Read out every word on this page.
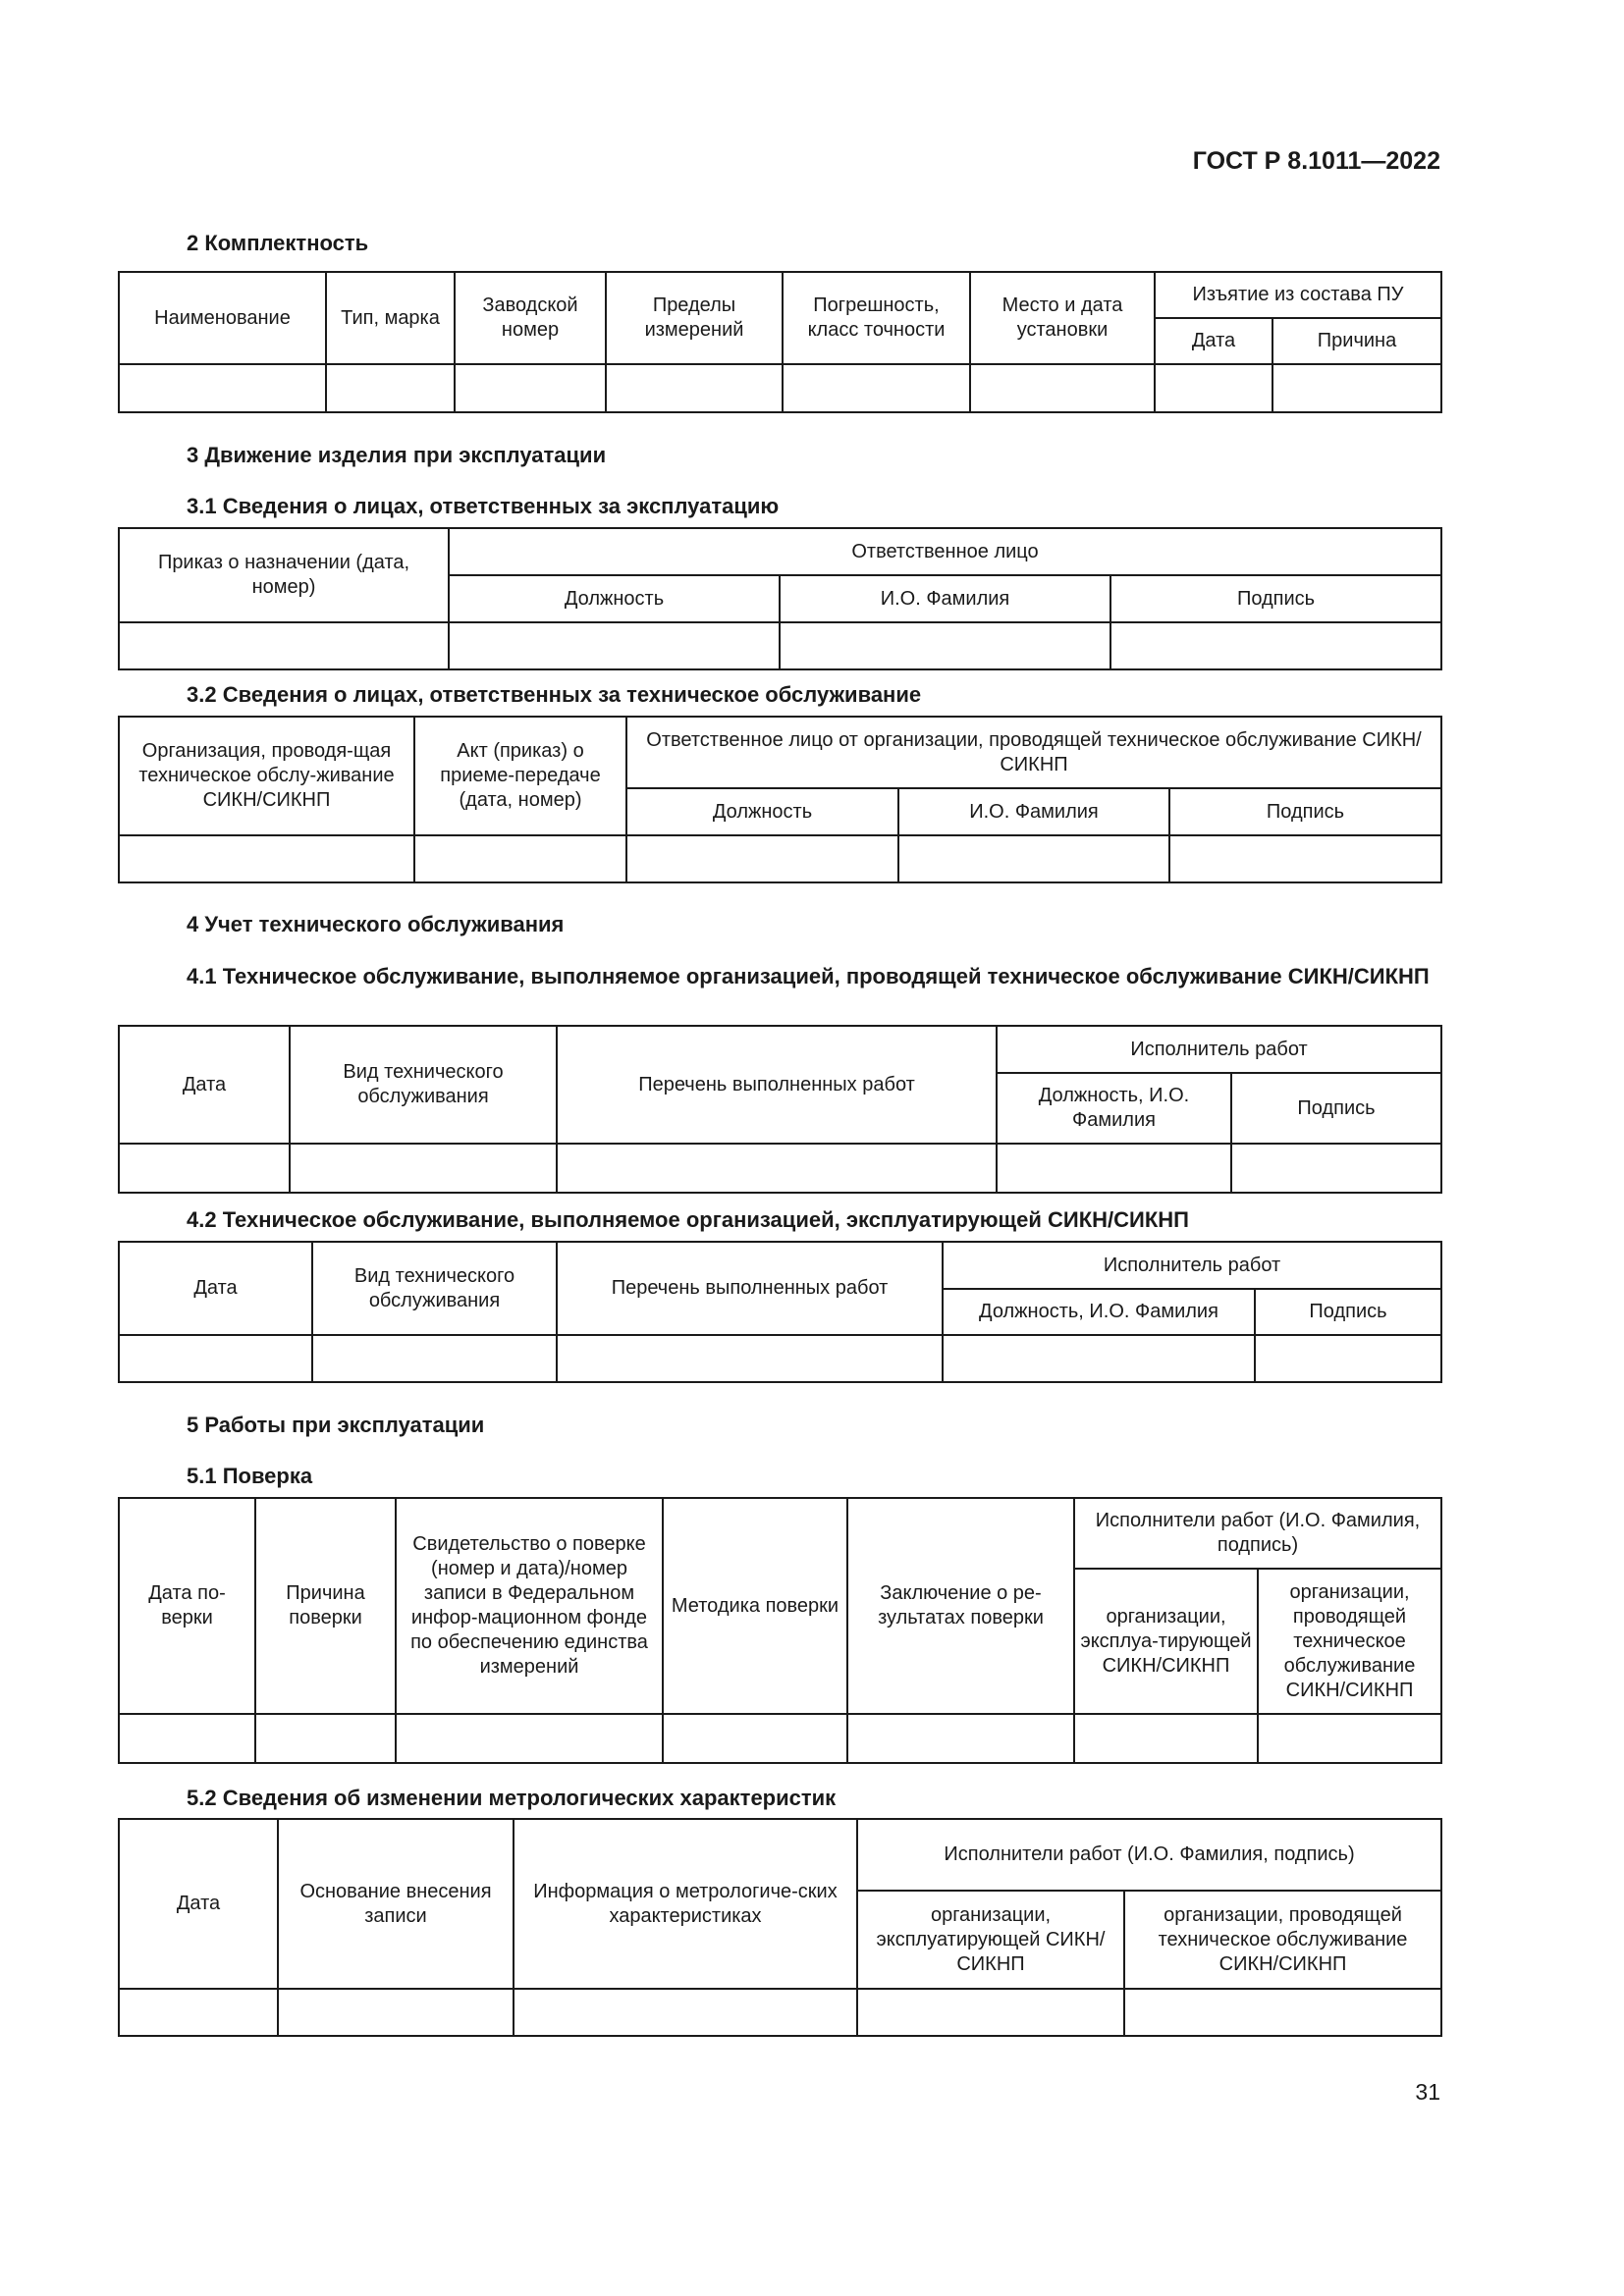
ГОСТ Р 8.1011—2022
2 Комплектность
Наименование	Тип, марка	Заводской номер	Пределы измерений	Погрешность, класс точности	Место и дата установки	Изъятие из состава ПУ	
						Дата	Причина

3 Движение изделия при эксплуатации
3.1 Сведения о лицах, ответственных за эксплуатацию
Приказ о назначении (дата, номер)	Ответственное лицо		
	Должность	И.О. Фамилия	Подпись

3.2 Сведения о лицах, ответственных за техническое обслуживание
Организация, проводя-щая техническое обслу-живание СИКН/СИКНП	Акт (приказ) о приеме-передаче (дата, номер)	Ответственное лицо от организации, проводящей техническое обслуживание СИКН/СИКНП		
		Должность	И.О. Фамилия	Подпись

4 Учет технического обслуживания
4.1 Техническое обслуживание, выполняемое организацией, проводящей техническое обслуживание СИКН/СИКНП
Дата	Вид технического обслуживания	Перечень выполненных работ	Исполнитель работ	
			Должность, И.О. Фамилия	Подпись

4.2 Техническое обслуживание, выполняемое организацией, эксплуатирующей СИКН/СИКНП
Дата	Вид технического обслуживания	Перечень выполненных работ	Исполнитель работ	
			Должность, И.О. Фамилия	Подпись

5 Работы при эксплуатации
5.1 Поверка
Дата по-верки	Причина поверки	Свидетельство о поверке (номер и дата)/номер записи в Федеральном инфор-мационном фонде по обеспечению единства измерений	Методика поверки	Заключение о ре-зультатах поверки	Исполнители работ (И.О. Фамилия, подпись)	
					организации, эксплуа-тирующей СИКН/СИКНП	организации, проводящей техническое обслуживание СИКН/СИКНП

5.2 Сведения об изменении метрологических характеристик
Дата	Основание внесения записи	Информация о метрологиче-ских характеристиках	Исполнители работ (И.О. Фамилия, подпись)	
			организации, эксплуатирующей СИКН/СИКНП	организации, проводящей техническое обслуживание СИКН/СИКНП

31
